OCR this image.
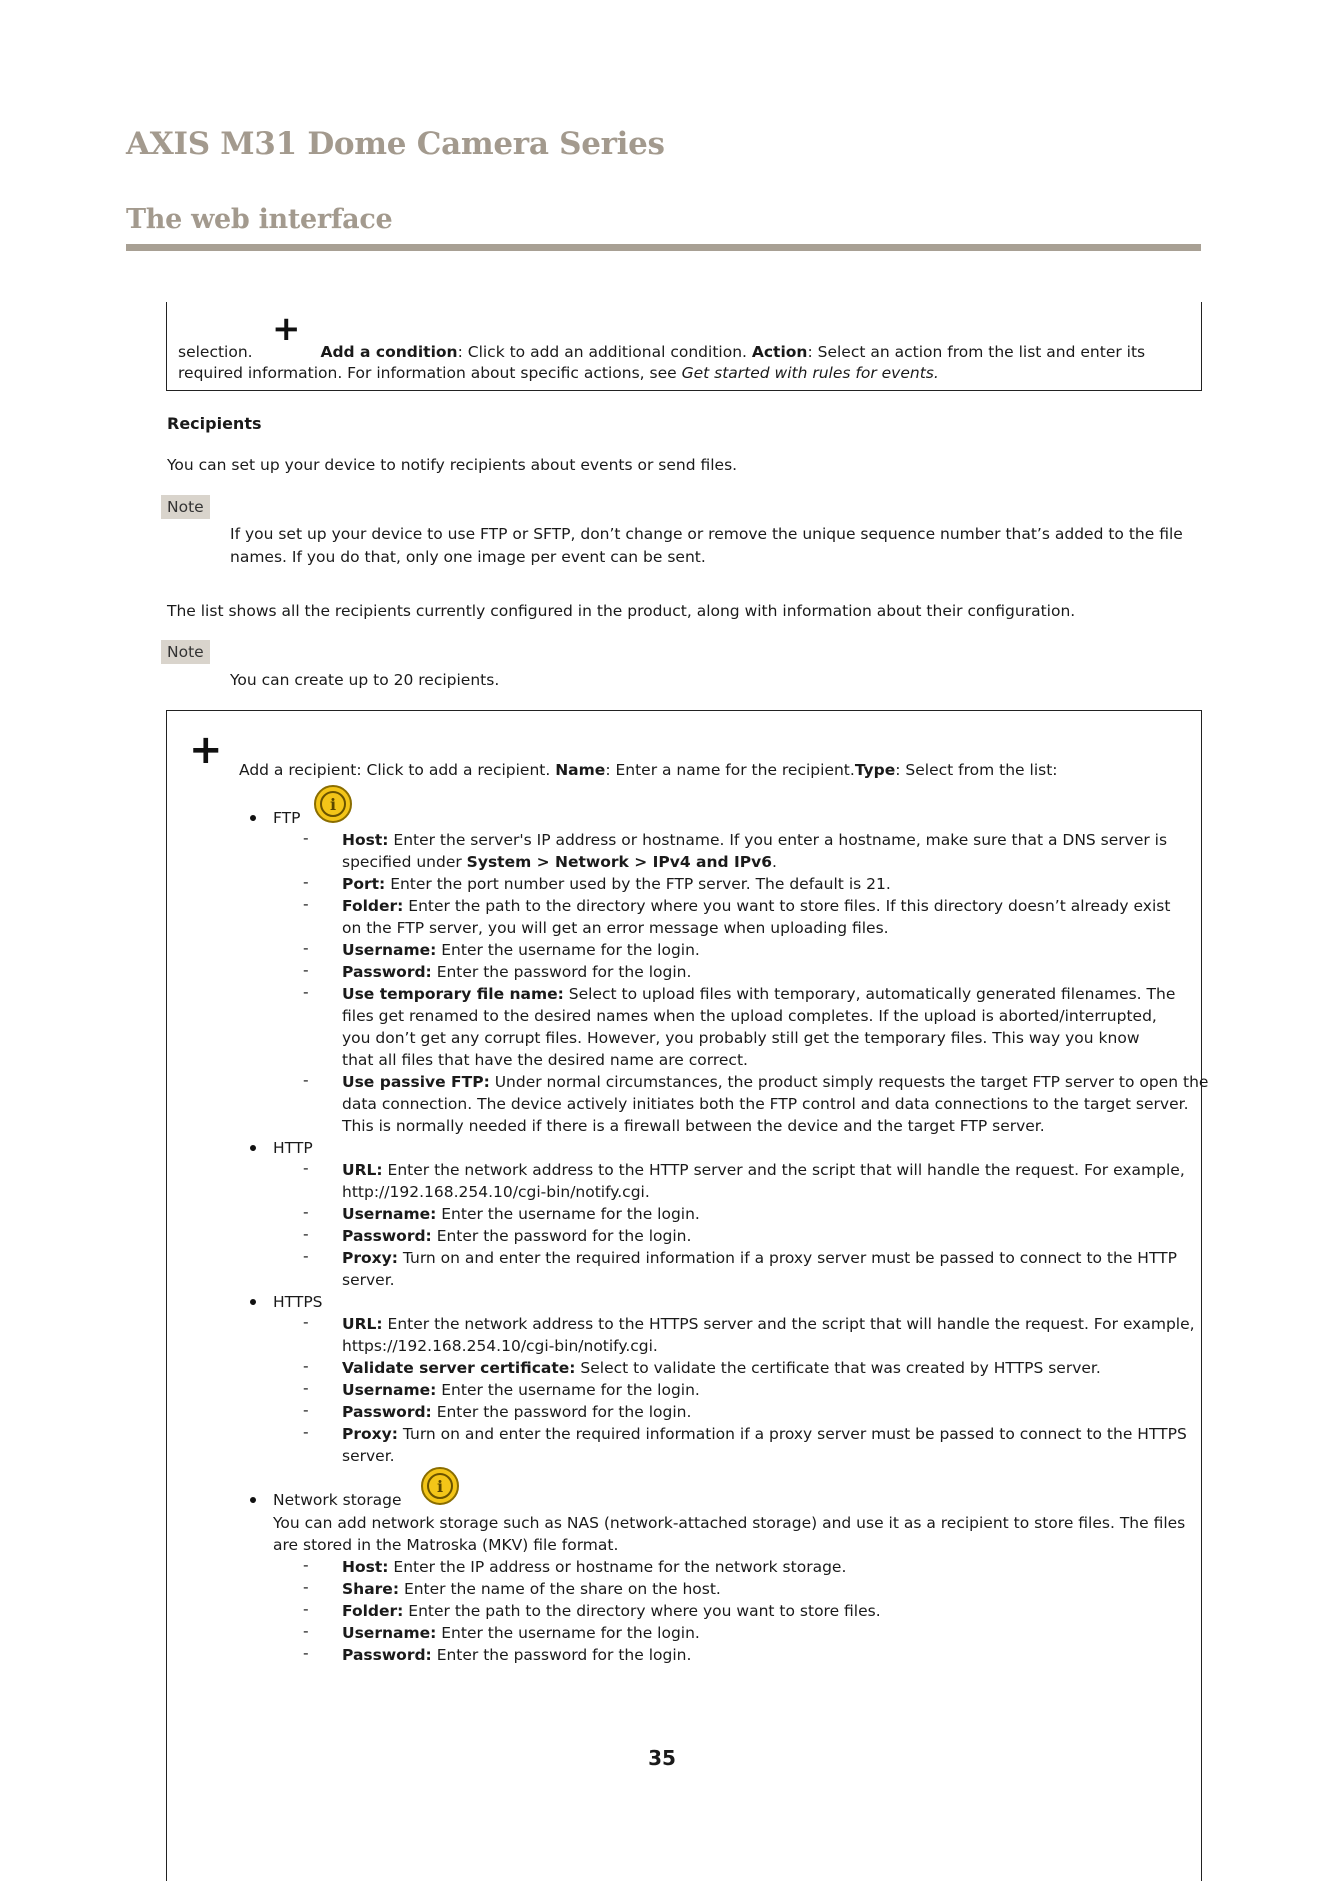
AXIS M31 Dome Camera Series
The web interface
+
selection.	Add a condition: Click to add an additional condition. Action: Select an action from the list and enter its
required information. For information about specific actions, see Get started with rules for events.
Recipients
You can set up your device to notify recipients about events or send files.
Note
If you set up your device to use FTP or SFTP, don’t change or remove the unique sequence number that’s added to the file
names. If you do that, only one image per event can be sent.
The list shows all the recipients currently configured in the product, along with information about their configuration.
Note
You can create up to 20 recipients.
+ Add a recipient: Click to add a recipient. Name: Enter a name for the recipient.Type: Select from the list:
FTP
i
- Host: Enter the server's IP address or hostname. If you enter a hostname, make sure that a DNS server is
specified under System > Network > IPv4 and IPv6.
- Port: Enter the port number used by the FTP server. The default is 21.
- Folder: Enter the path to the directory where you want to store files. If this directory doesn’t already exist
on the FTP server, you will get an error message when uploading files.
- Username: Enter the username for the login.
- Password: Enter the password for the login.
- Use temporary file name: Select to upload files with temporary, automatically generated filenames. The
files get renamed to the desired names when the upload completes. If the upload is aborted/interrupted,
you don’t get any corrupt files. However, you probably still get the temporary files. This way you know
that all files that have the desired name are correct.
- Use passive FTP: Under normal circumstances, the product simply requests the target FTP server to open the
data connection. The device actively initiates both the FTP control and data connections to the target server.
This is normally needed if there is a firewall between the device and the target FTP server.
HTTP
- URL: Enter the network address to the HTTP server and the script that will handle the request. For example,
http://192.168.254.10/cgi-bin/notify.cgi.
- Username: Enter the username for the login.
- Password: Enter the password for the login.
- Proxy: Turn on and enter the required information if a proxy server must be passed to connect to the HTTP
server.
HTTPS
- URL: Enter the network address to the HTTPS server and the script that will handle the request. For example,
https://192.168.254.10/cgi-bin/notify.cgi.
- Validate server certificate: Select to validate the certificate that was created by HTTPS server.
- Username: Enter the username for the login.
- Password: Enter the password for the login.
- Proxy: Turn on and enter the required information if a proxy server must be passed to connect to the HTTPS
server.
Network storage
i
You can add network storage such as NAS (network-attached storage) and use it as a recipient to store files. The files
are stored in the Matroska (MKV) file format.
- Host: Enter the IP address or hostname for the network storage.
- Share: Enter the name of the share on the host.
- Folder: Enter the path to the directory where you want to store files.
- Username: Enter the username for the login.
- Password: Enter the password for the login.
35
